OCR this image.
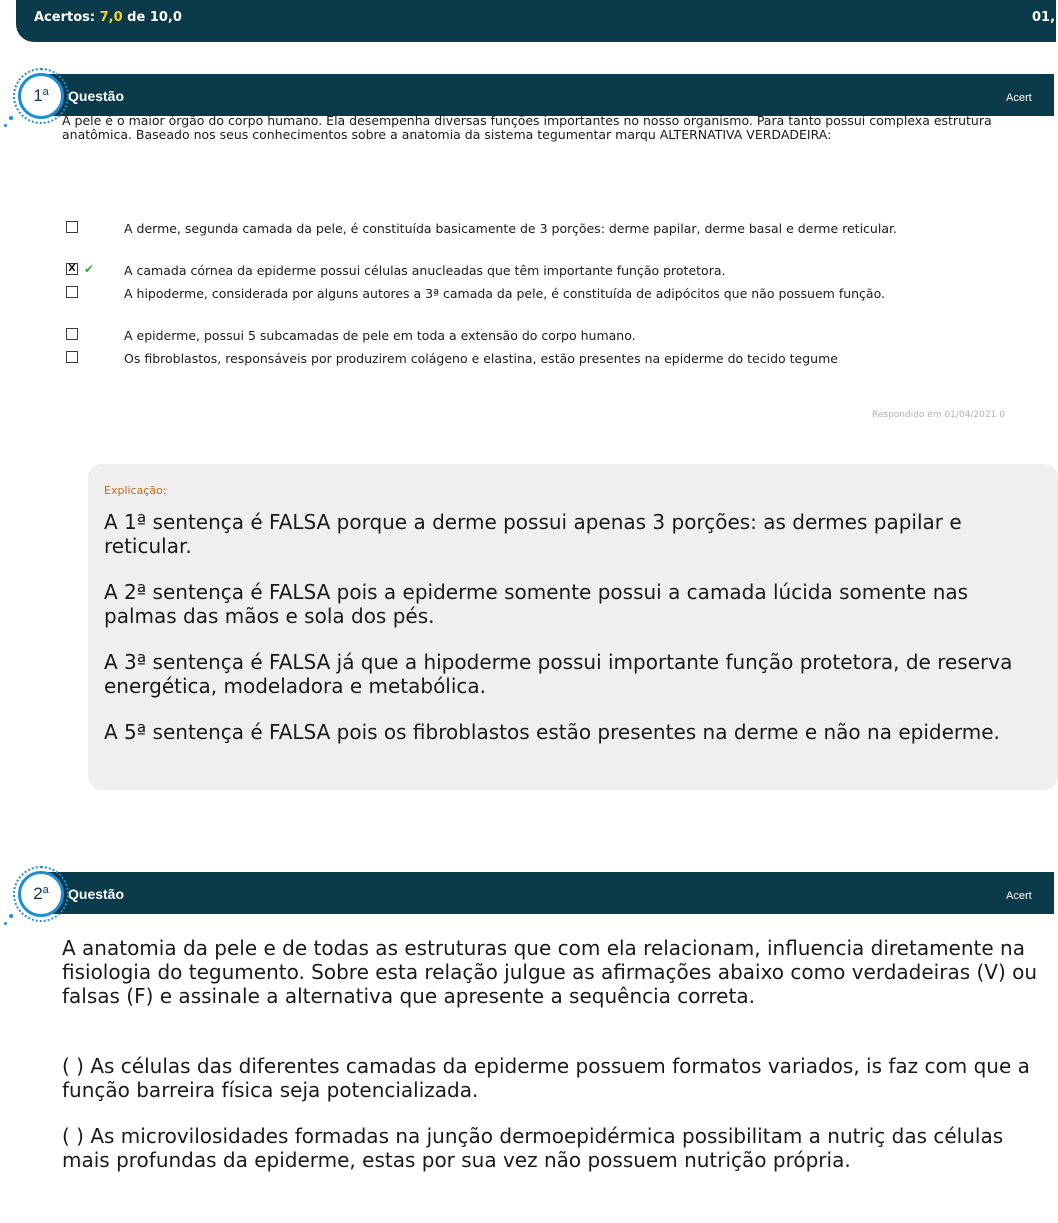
Acertos: 7,0 de 10,0	01,
Questão	Acert
1$^a$

A pele é o maior órgão do corpo humano. Ela desempenha diversas funções importantes no nosso organismo. Para tanto possui complexa estrutura anatômica. Baseado nos seus conhecimentos sobre a anatomia da sistema tegumentar marqu ALTERNATIVA VERDADEIRA:

A derme, segunda camada da pele, é constituída basicamente de 3 porções: derme papilar, derme basal e derme reticular.
X ✔ A camada córnea da epiderme possui células anucleadas que têm importante função protetora.
A hipoderme, considerada por alguns autores a 3ª camada da pele, é constituída de adipócitos que não possuem função.
A epiderme, possui 5 subcamadas de pele em toda a extensão do corpo humano.
Os fibroblastos, responsáveis por produzirem colágeno e elastina, estão presentes na epiderme do tecido tegume
Respondido em 01/04/2021 0
Explicação:
A 1ª sentença é FALSA porque a derme possui apenas 3 porções: as dermes papilar e reticular.
A 2ª sentença é FALSA pois a epiderme somente possui a camada lúcida somente nas palmas das mãos e sola dos pés.
A 3ª sentença é FALSA já que a hipoderme possui importante função protetora, de reserva energética, modeladora e metabólica.
A 5ª sentença é FALSA pois os fibroblastos estão presentes na derme e não na epiderme.
Questão	Acert
2$^a$
A anatomia da pele e de todas as estruturas que com ela relacionam, influencia diretamente na fisiologia do tegumento. Sobre esta relação julgue as afirmações abaixo como verdadeiras (V) ou falsas (F) e assinale a alternativa que apresente a sequência correta.
( ) As células das diferentes camadas da epiderme possuem formatos variados, is faz com que a função barreira física seja potencializada.
( ) As microvilosidades formadas na junção dermoepidérmica possibilitam a nutriç das células mais profundas da epiderme, estas por sua vez não possuem nutrição própria.
